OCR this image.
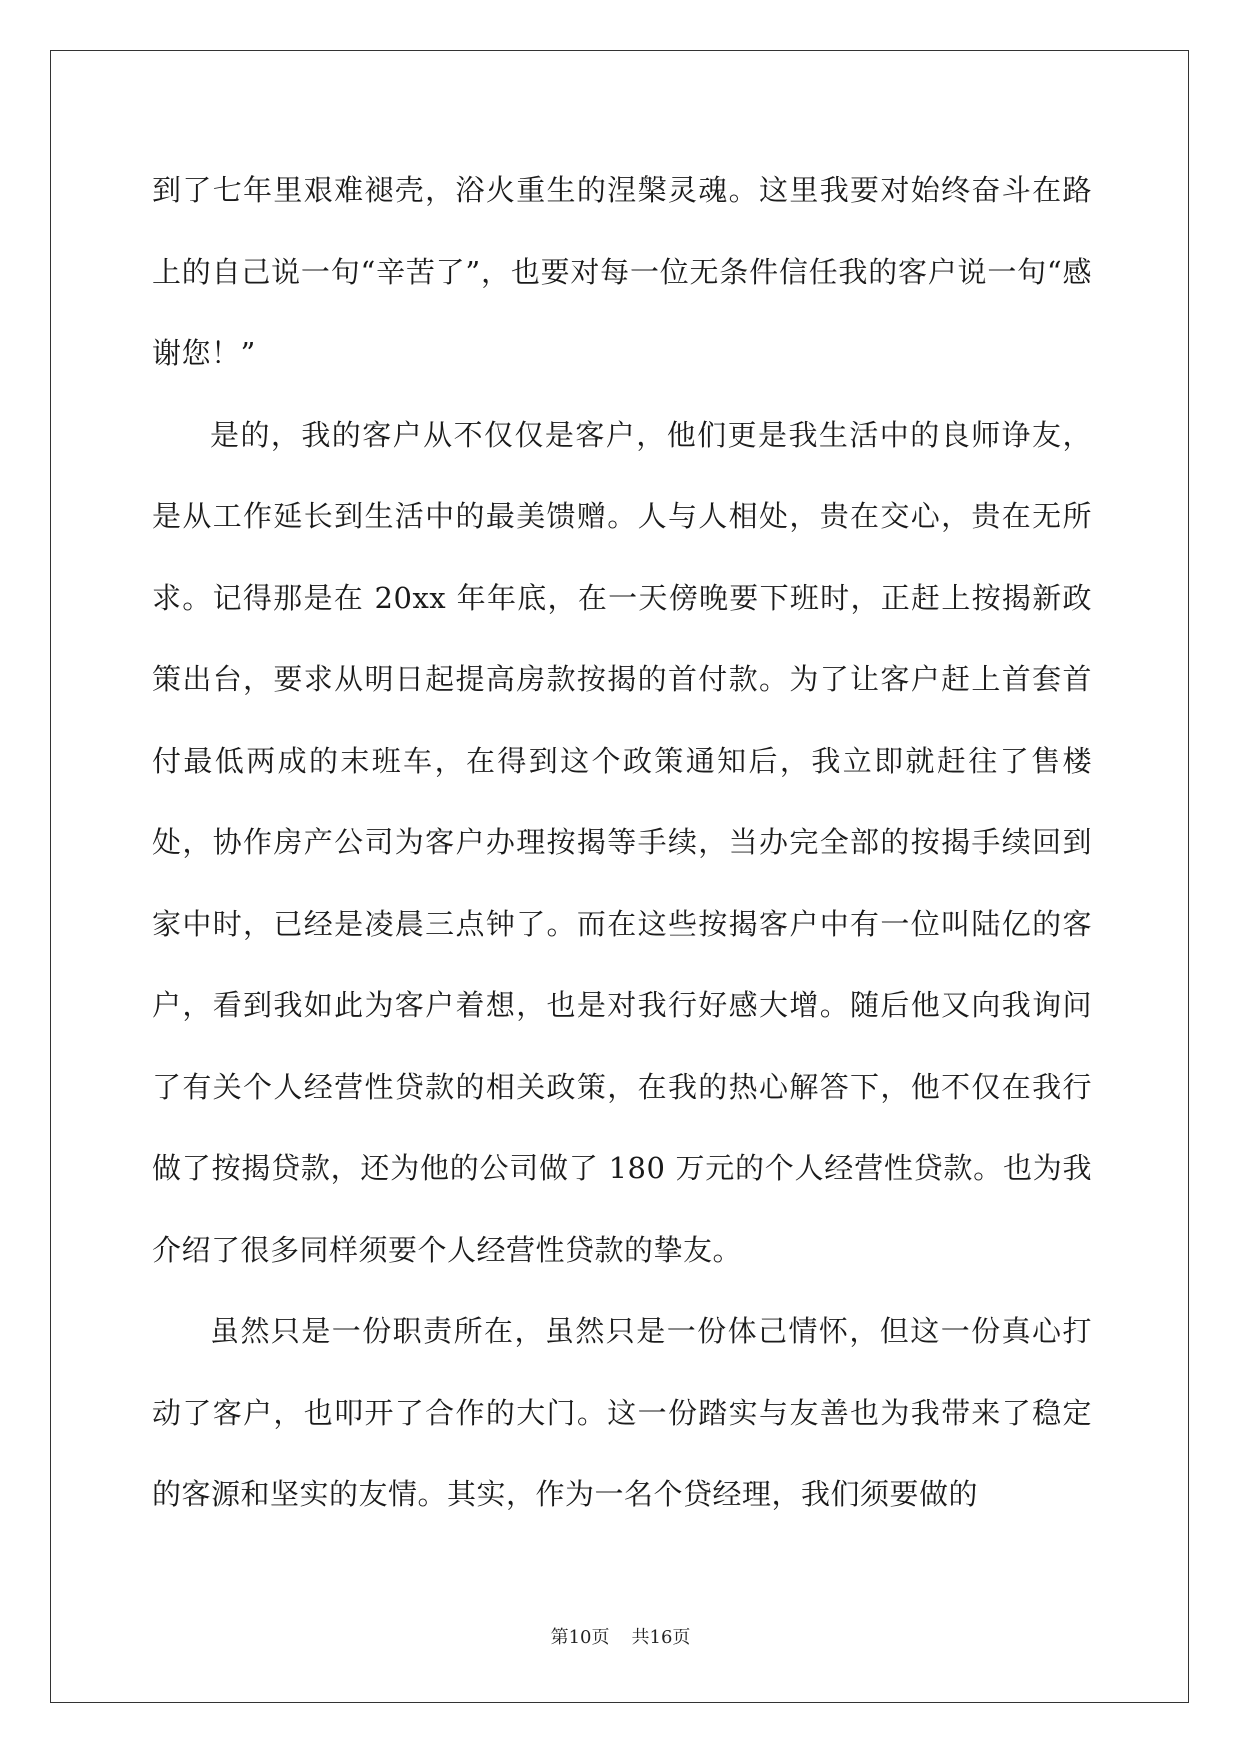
到了七年里艰难褪壳，浴火重生的涅槃灵魂。这里我要对始终奋斗在路上的自己说一句“辛苦了”，也要对每一位无条件信任我的客户说一句“感谢您！”

是的，我的客户从不仅仅是客户，他们更是我生活中的良师诤友，是从工作延长到生活中的最美馈赠。人与人相处，贵在交心，贵在无所求。记得那是在 20xx 年年底，在一天傍晚要下班时，正赶上按揭新政策出台，要求从明日起提高房款按揭的首付款。为了让客户赶上首套首付最低两成的末班车，在得到这个政策通知后，我立即就赶往了售楼处，协作房产公司为客户办理按揭等手续，当办完全部的按揭手续回到家中时，已经是凌晨三点钟了。而在这些按揭客户中有一位叫陆亿的客户，看到我如此为客户着想，也是对我行好感大增。随后他又向我询问了有关个人经营性贷款的相关政策，在我的热心解答下，他不仅在我行做了按揭贷款，还为他的公司做了 180 万元的个人经营性贷款。也为我介绍了很多同样须要个人经营性贷款的挚友。

虽然只是一份职责所在，虽然只是一份体己情怀，但这一份真心打动了客户，也叩开了合作的大门。这一份踏实与友善也为我带来了稳定的客源和坚实的友情。其实，作为一名个贷经理，我们须要做的

第10页 共16页
